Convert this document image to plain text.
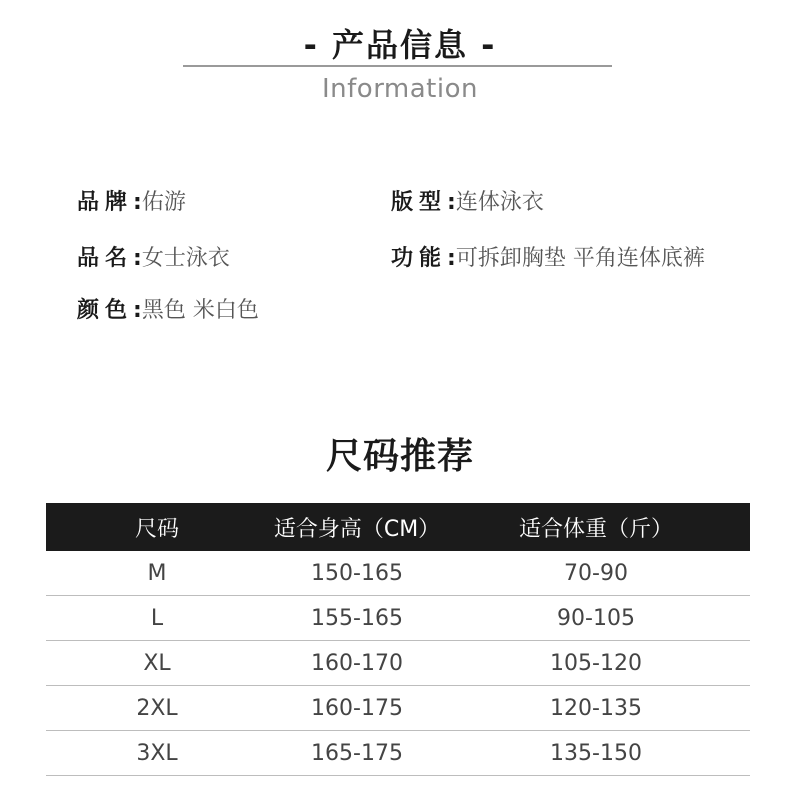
- 产品信息 -
Information
品牌:佑游	版型:连体泳衣
品名:女士泳衣	功能:可拆卸胸垫 平角连体底裤
颜色:黑色 米白色
尺码推荐
尺码	适合身高（CM）	适合体重（斤）
M	150-165	70-90
L	155-165	90-105
XL	160-170	105-120
2XL	160-175	120-135
3XL	165-175	135-150
